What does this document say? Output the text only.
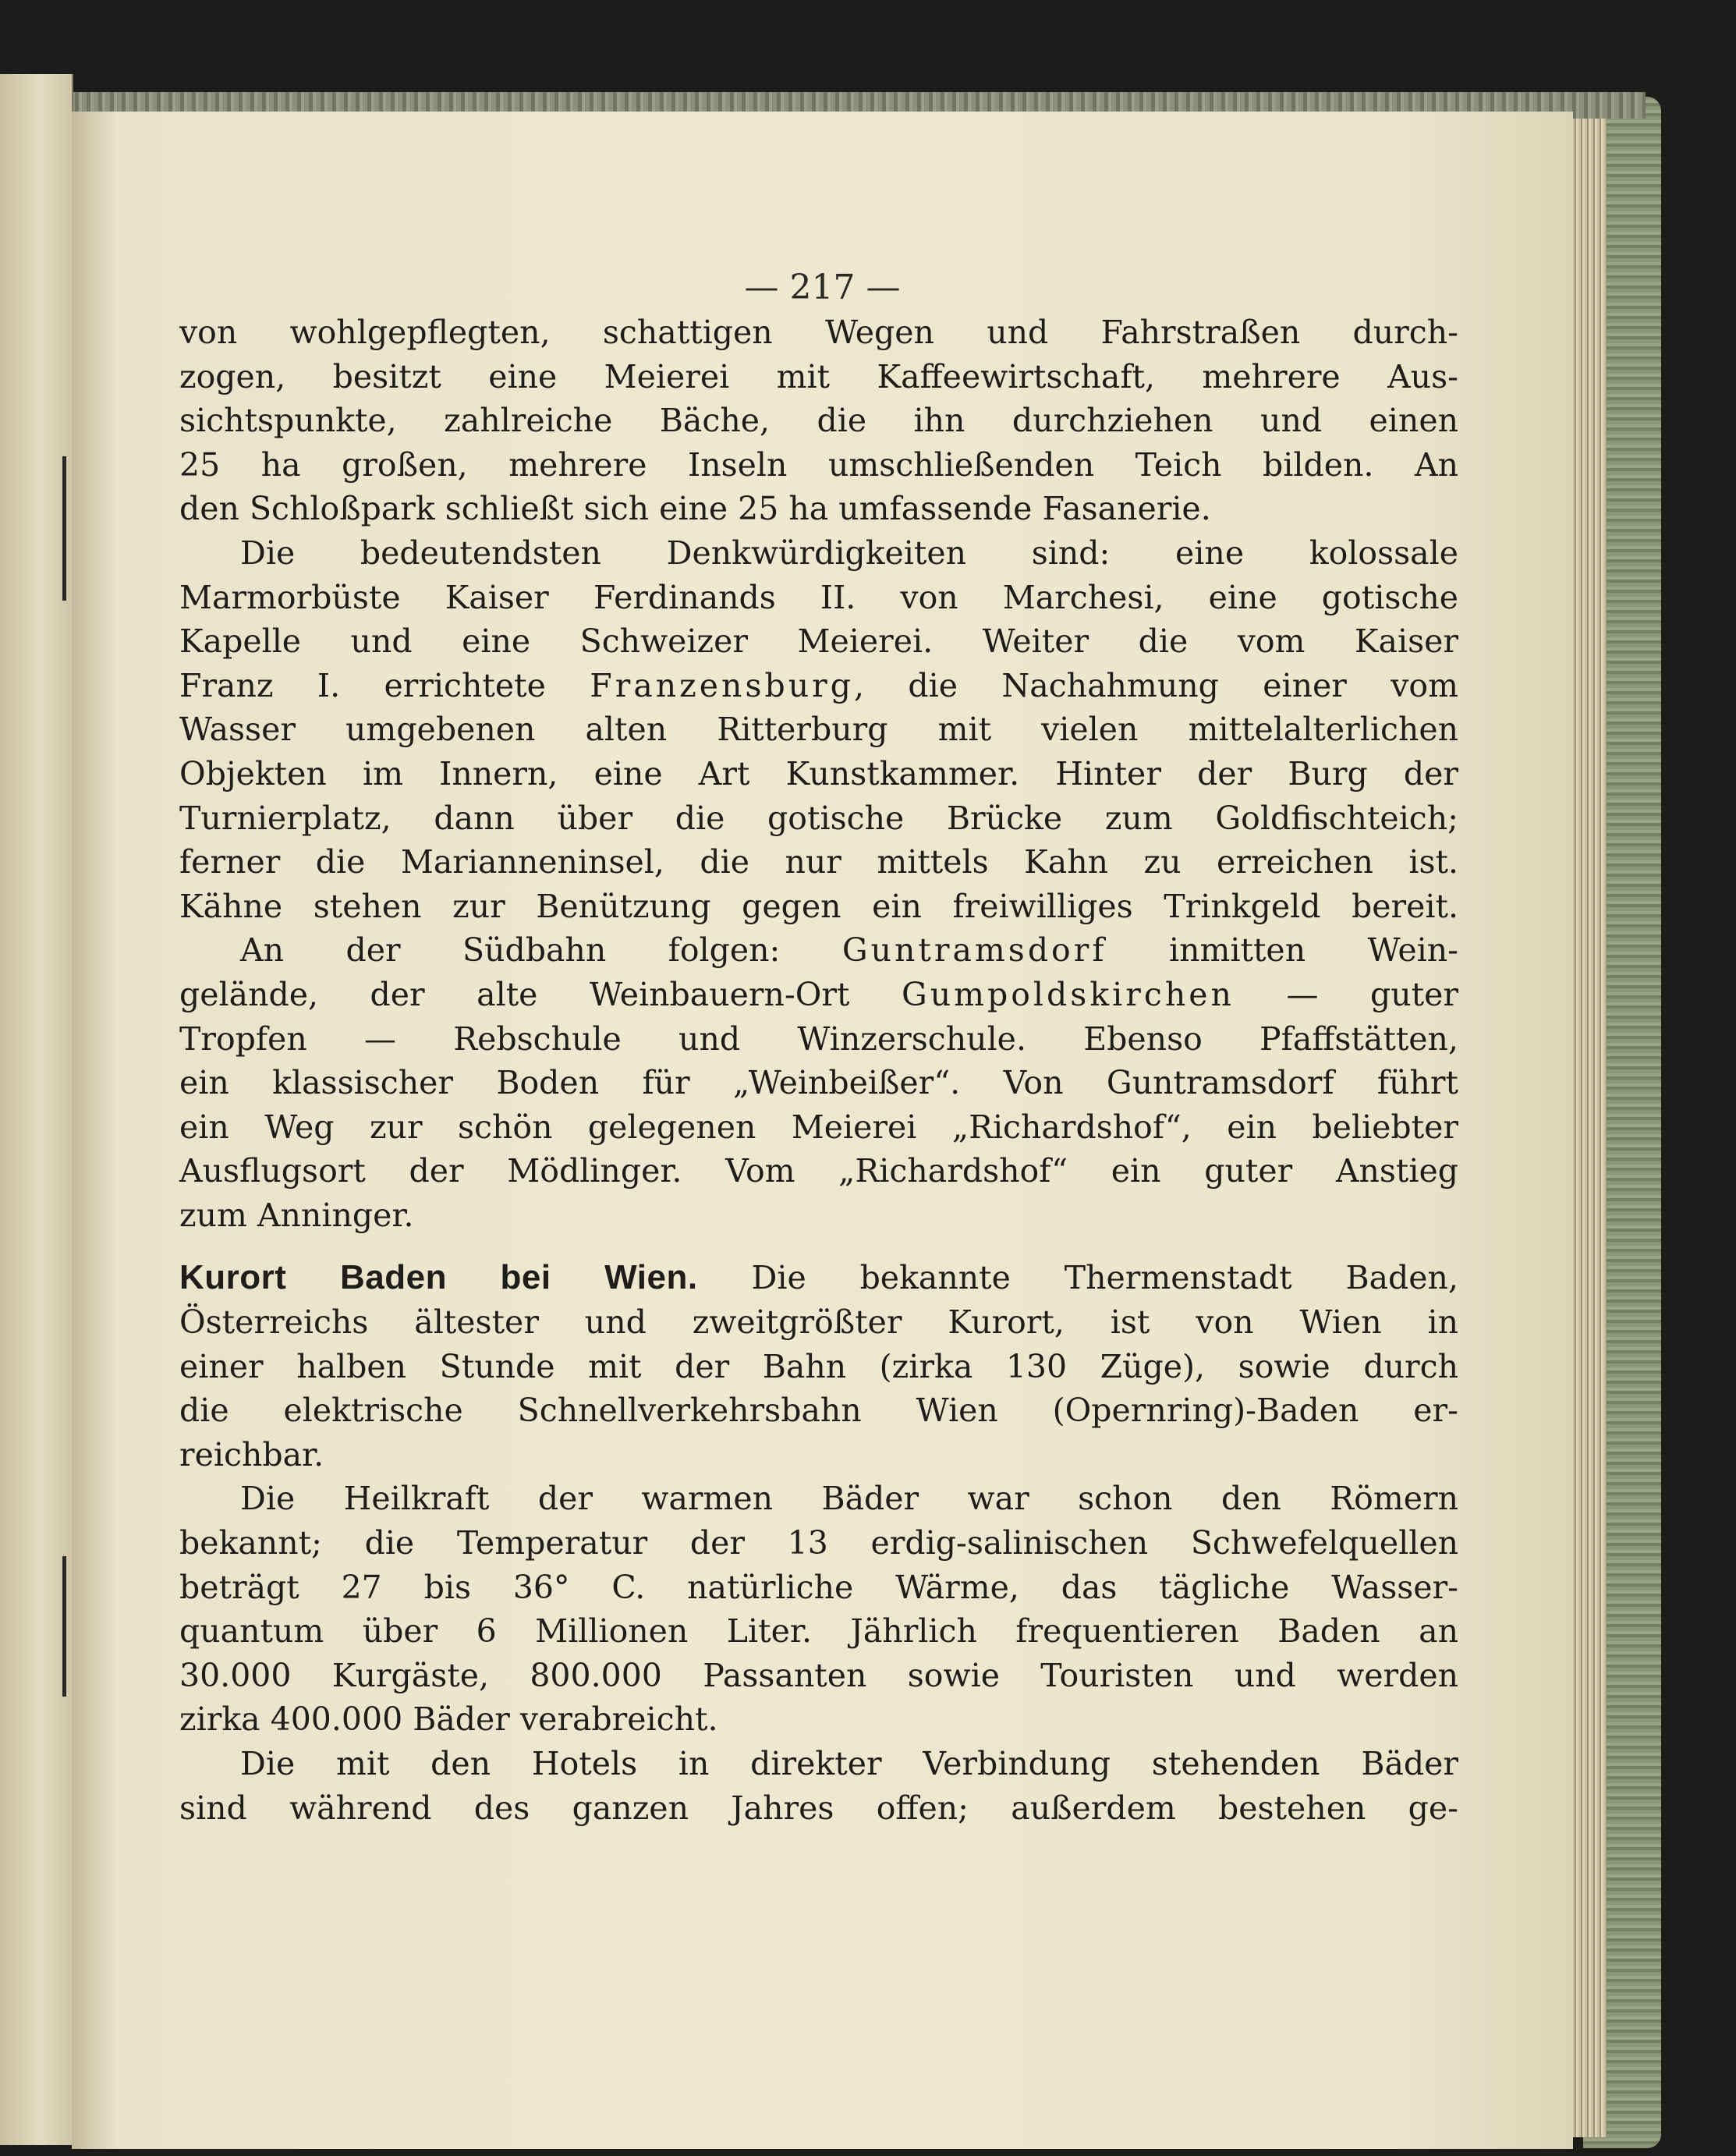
— 217 —

von wohlgepflegten, schattigen Wegen und Fahrstraßen durch-

zogen, besitzt eine Meierei mit Kaffeewirtschaft, mehrere Aus-

sichtspunkte, zahlreiche Bäche, die ihn durchziehen und einen

25 ha großen, mehrere Inseln umschließenden Teich bilden. An

den Schloßpark schließt sich eine 25 ha umfassende Fasanerie.

Die bedeutendsten Denkwürdigkeiten sind: eine kolossale

Marmorbüste Kaiser Ferdinands II. von Marchesi, eine gotische

Kapelle und eine Schweizer Meierei. Weiter die vom Kaiser

Franz I. errichtete Franzensburg, die Nachahmung einer vom

Wasser umgebenen alten Ritterburg mit vielen mittelalterlichen

Objekten im Innern, eine Art Kunstkammer. Hinter der Burg der

Turnierplatz, dann über die gotische Brücke zum Goldfischteich;

ferner die Marianneninsel, die nur mittels Kahn zu erreichen ist.

Kähne stehen zur Benützung gegen ein freiwilliges Trinkgeld bereit.

An der Südbahn folgen: Guntramsdorf inmitten Wein-

gelände, der alte Weinbauern-Ort Gumpoldskirchen — guter

Tropfen — Rebschule und Winzerschule. Ebenso Pfaffstätten,

ein klassischer Boden für „Weinbeißer“. Von Guntramsdorf führt

ein Weg zur schön gelegenen Meierei „Richardshof“, ein beliebter

Ausflugsort der Mödlinger. Vom „Richardshof“ ein guter Anstieg

zum Anninger.

Kurort Baden bei Wien. Die bekannte Thermenstadt Baden,

Österreichs ältester und zweitgrößter Kurort, ist von Wien in

einer halben Stunde mit der Bahn (zirka 130 Züge), sowie durch

die elektrische Schnellverkehrsbahn Wien (Opernring)-Baden er-

reichbar.

Die Heilkraft der warmen Bäder war schon den Römern

bekannt; die Temperatur der 13 erdig-salinischen Schwefelquellen

beträgt 27 bis 36° C. natürliche Wärme, das tägliche Wasser-

quantum über 6 Millionen Liter. Jährlich frequentieren Baden an

30.000 Kurgäste, 800.000 Passanten sowie Touristen und werden

zirka 400.000 Bäder verabreicht.

Die mit den Hotels in direkter Verbindung stehenden Bäder

sind während des ganzen Jahres offen; außerdem bestehen ge-
